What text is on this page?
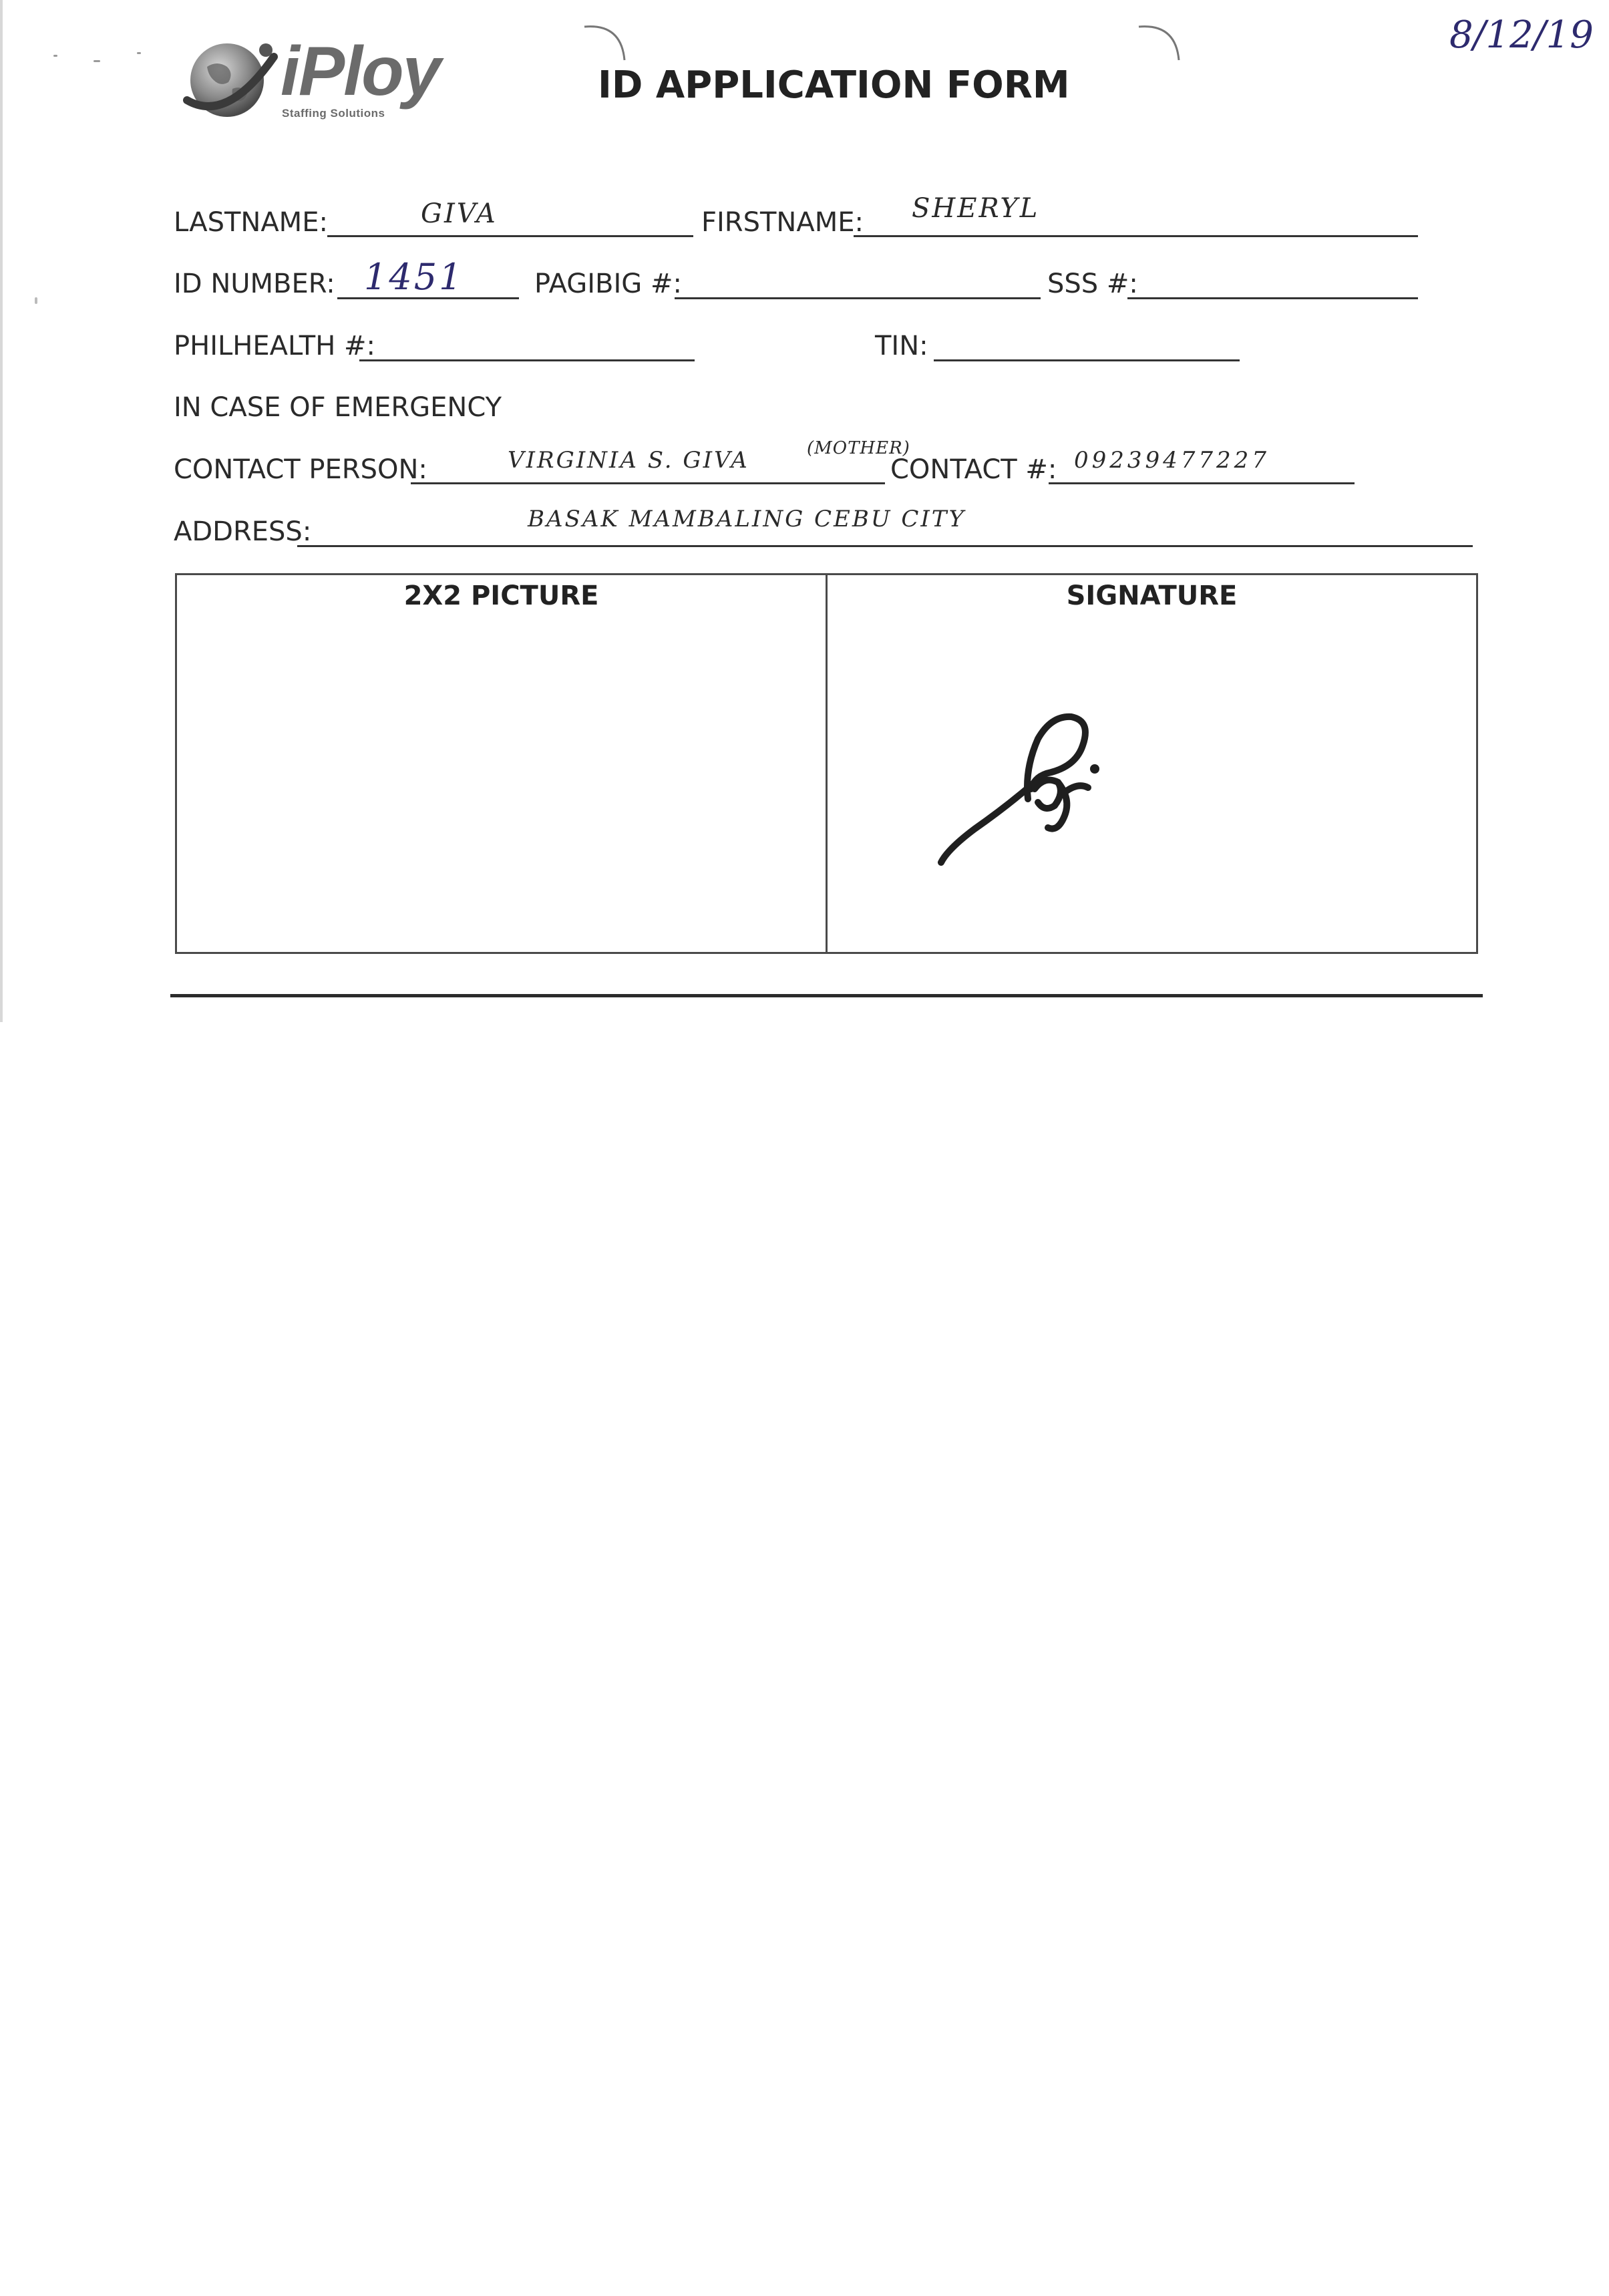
iPloy
Staffing Solutions
ID APPLICATION FORM
8/12/19
LASTNAME:	GIVA	FIRSTNAME: SHERYL
ID NUMBER: 1451	PAGIBIG #:	SSS #:
PHILHEALTH #:	TIN:
IN CASE OF EMERGENCY
CONTACT PERSON:	VIRGINIA S. GIVA	(MOTHER)
CONTACT #: 09239477227
ADDRESS:	BASAK MAMBALING CEBU CITY
2X2 PICTURE	SIGNATURE
